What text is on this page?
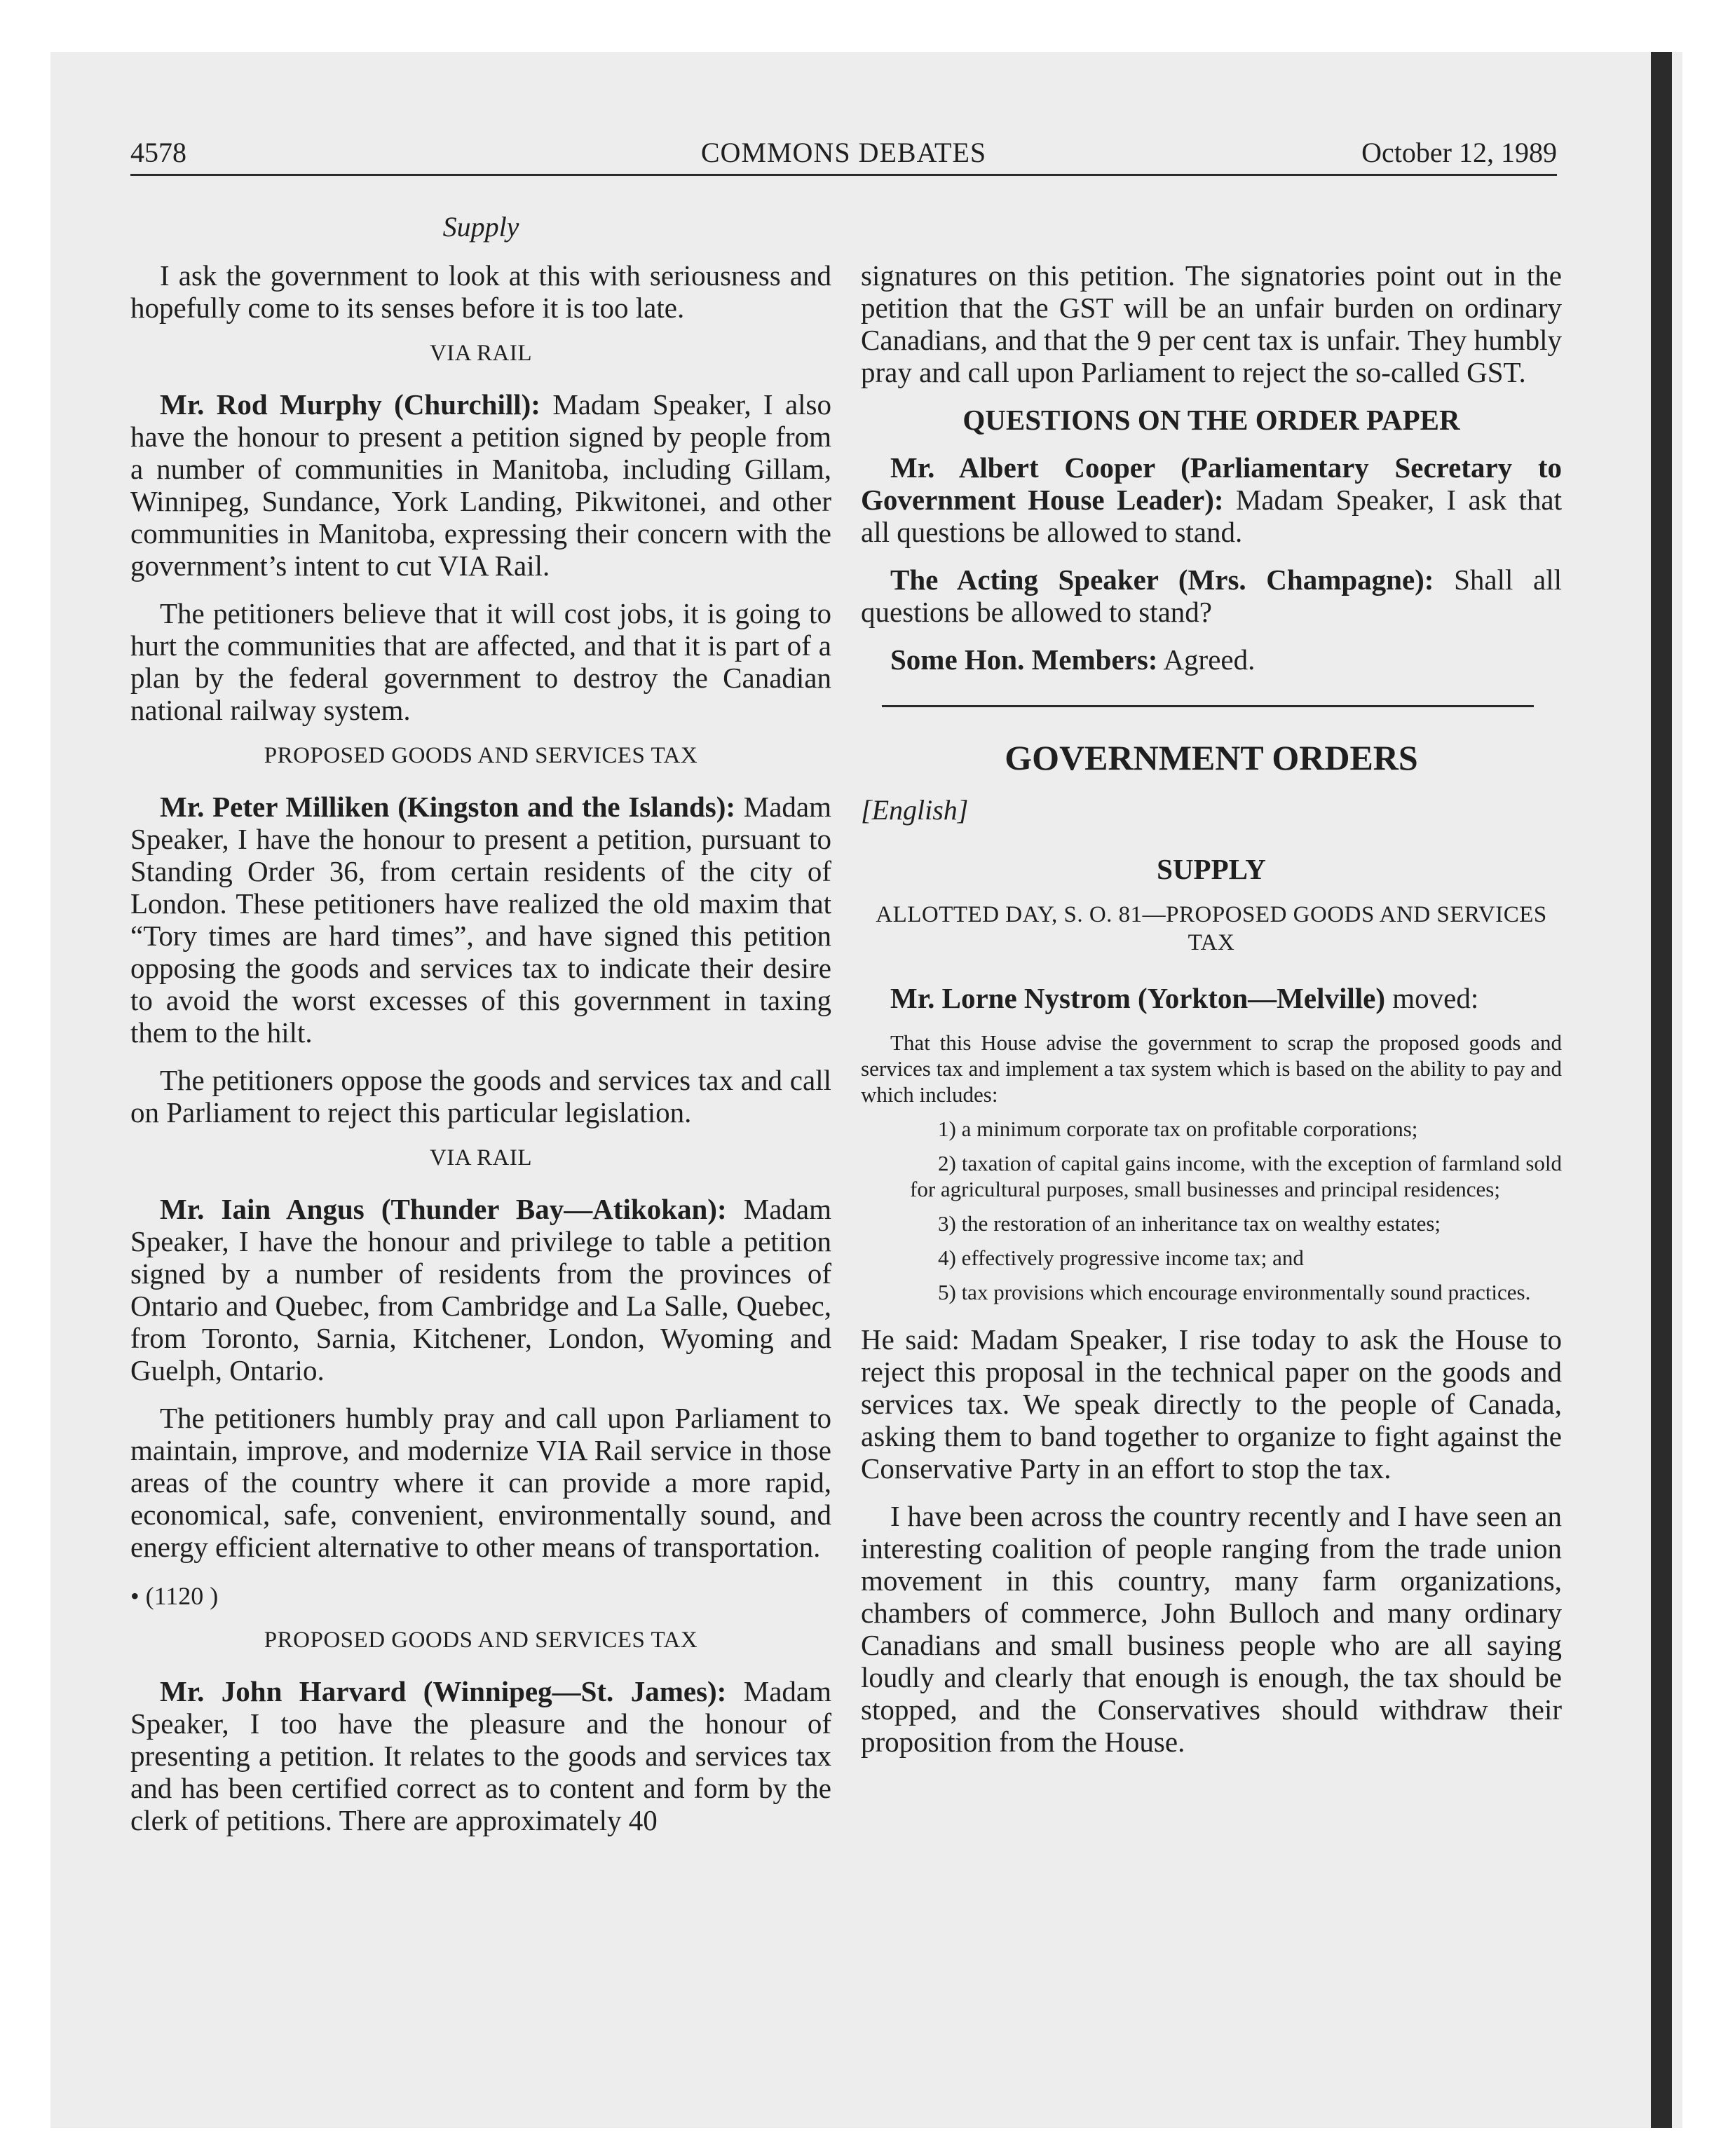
4578	COMMONS DEBATES	October 12, 1989
Supply

I ask the government to look at this with seriousness and hopefully come to its senses before it is too late.

VIA RAIL

Mr. Rod Murphy (Churchill): Madam Speaker, I also have the honour to present a petition signed by people from a number of communities in Manitoba, including Gillam, Winnipeg, Sundance, York Landing, Pikwitonei, and other communities in Manitoba, expressing their concern with the government’s intent to cut VIA Rail.

The petitioners believe that it will cost jobs, it is going to hurt the communities that are affected, and that it is part of a plan by the federal government to destroy the Canadian national railway system.

PROPOSED GOODS AND SERVICES TAX

Mr. Peter Milliken (Kingston and the Islands): Madam Speaker, I have the honour to present a petition, pursuant to Standing Order 36, from certain residents of the city of London. These petitioners have realized the old maxim that “Tory times are hard times”, and have signed this petition opposing the goods and services tax to indicate their desire to avoid the worst excesses of this government in taxing them to the hilt.

The petitioners oppose the goods and services tax and call on Parliament to reject this particular legislation.

VIA RAIL

Mr. Iain Angus (Thunder Bay—Atikokan): Madam Speaker, I have the honour and privilege to table a petition signed by a number of residents from the provinces of Ontario and Quebec, from Cambridge and La Salle, Quebec, from Toronto, Sarnia, Kitchener, London, Wyoming and Guelph, Ontario.

The petitioners humbly pray and call upon Parliament to maintain, improve, and modernize VIA Rail service in those areas of the country where it can provide a more rapid, economical, safe, convenient, environmentally sound, and energy efficient alternative to other means of transportation.

• (1120 )
PROPOSED GOODS AND SERVICES TAX

Mr. John Harvard (Winnipeg—St. James): Madam Speaker, I too have the pleasure and the honour of presenting a petition. It relates to the goods and services tax and has been certified correct as to content and form by the clerk of petitions. There are approximately 40

signatures on this petition. The signatories point out in the petition that the GST will be an unfair burden on ordinary Canadians, and that the 9 per cent tax is unfair. They humbly pray and call upon Parliament to reject the so-called GST.

QUESTIONS ON THE ORDER PAPER

Mr. Albert Cooper (Parliamentary Secretary to Government House Leader): Madam Speaker, I ask that all questions be allowed to stand.

The Acting Speaker (Mrs. Champagne): Shall all questions be allowed to stand?

Some Hon. Members: Agreed.

GOVERNMENT ORDERS

[English]

SUPPLY
ALLOTTED DAY, S. O. 81—PROPOSED GOODS AND SERVICES TAX

Mr. Lorne Nystrom (Yorkton—Melville) moved:

That this House advise the government to scrap the proposed goods and services tax and implement a tax system which is based on the ability to pay and which includes:

1) a minimum corporate tax on profitable corporations;

2) taxation of capital gains income, with the exception of farmland sold for agricultural purposes, small businesses and principal residences;

3) the restoration of an inheritance tax on wealthy estates;

4) effectively progressive income tax; and

5) tax provisions which encourage environmentally sound practices.

He said: Madam Speaker, I rise today to ask the House to reject this proposal in the technical paper on the goods and services tax. We speak directly to the people of Canada, asking them to band together to organize to fight against the Conservative Party in an effort to stop the tax.

I have been across the country recently and I have seen an interesting coalition of people ranging from the trade union movement in this country, many farm organizations, chambers of commerce, John Bulloch and many ordinary Canadians and small business people who are all saying loudly and clearly that enough is enough, the tax should be stopped, and the Conservatives should withdraw their proposition from the House.
